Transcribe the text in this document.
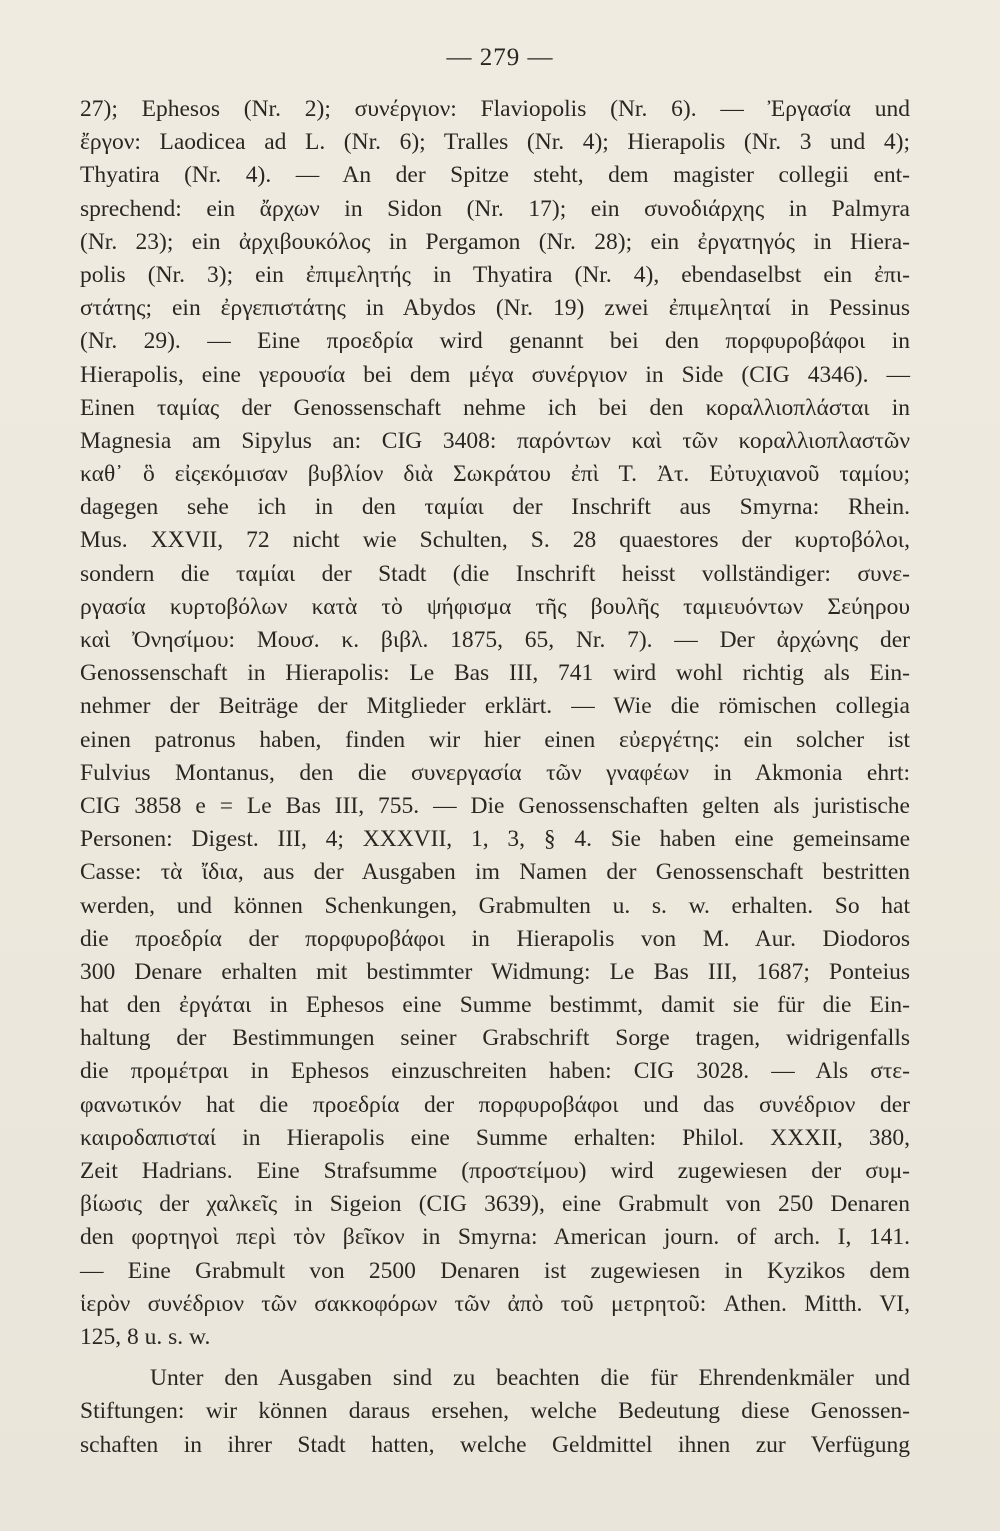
— 279 —
27); Ephesos (Nr. 2); συνέργιον: Flaviopolis (Nr. 6). — Ἐργασία und
ἔργον: Laodicea ad L. (Nr. 6); Tralles (Nr. 4); Hierapolis (Nr. 3 und 4);
Thyatira (Nr. 4). — An der Spitze steht, dem magister collegii ent-
sprechend: ein ἄρχων in Sidon (Nr. 17); ein συνοδιάρχης in Palmyra
(Nr. 23); ein ἀρχιβουκόλος in Pergamon (Nr. 28); ein ἐργατηγός in Hiera-
polis (Nr. 3); ein ἐπιμελητής in Thyatira (Nr. 4), ebendaselbst ein ἐπι-
στάτης; ein ἐργεπιστάτης in Abydos (Nr. 19) zwei ἐπιμεληταί in Pessinus
(Nr. 29). — Eine προεδρία wird genannt bei den πορφυροβάφοι in
Hierapolis, eine γερουσία bei dem μέγα συνέργιον in Side (CIG 4346). —
Einen ταμίας der Genossenschaft nehme ich bei den κοραλλιοπλάσται in
Magnesia am Sipylus an: CIG 3408: παρόντων καὶ τῶν κοραλλιοπλαστῶν
καθ᾽ ὃ εἰςεκόμισαν βυβλίον διὰ Σωκράτου ἐπὶ Τ. Ἀτ. Εὐτυχιανοῦ ταμίου;
dagegen sehe ich in den ταμίαι der Inschrift aus Smyrna: Rhein.
Mus. XXVII, 72 nicht wie Schulten, S. 28 quaestores der κυρτοβόλοι,
sondern die ταμίαι der Stadt (die Inschrift heisst vollständiger: συνε-
ργασία κυρτοβόλων κατὰ τὸ ψήφισμα τῆς βουλῆς ταμιευόντων Σεύηρου
καὶ Ὀνησίμου: Μουσ. κ. βιβλ. 1875, 65, Nr. 7). — Der ἀρχώνης der
Genossenschaft in Hierapolis: Le Bas III, 741 wird wohl richtig als Ein-
nehmer der Beiträge der Mitglieder erklärt. — Wie die römischen collegia
einen patronus haben, finden wir hier einen εὐεργέτης: ein solcher ist
Fulvius Montanus, den die συνεργασία τῶν γναφέων in Akmonia ehrt:
CIG 3858 e = Le Bas III, 755. — Die Genossenschaften gelten als juristische
Personen: Digest. III, 4; XXXVII, 1, 3, § 4. Sie haben eine gemeinsame
Casse: τὰ ἴδια, aus der Ausgaben im Namen der Genossenschaft bestritten
werden, und können Schenkungen, Grabmulten u. s. w. erhalten. So hat
die προεδρία der πορφυροβάφοι in Hierapolis von M. Aur. Diodoros
300 Denare erhalten mit bestimmter Widmung: Le Bas III, 1687; Ponteius
hat den ἐργάται in Ephesos eine Summe bestimmt, damit sie für die Ein-
haltung der Bestimmungen seiner Grabschrift Sorge tragen, widrigenfalls
die προμέτραι in Ephesos einzuschreiten haben: CIG 3028. — Als στε-
φανωτικόν hat die προεδρία der πορφυροβάφοι und das συνέδριον der
καιροδαπισταί in Hierapolis eine Summe erhalten: Philol. XXXII, 380,
Zeit Hadrians. Eine Strafsumme (προστείμου) wird zugewiesen der συμ-
βίωσις der χαλκεῖς in Sigeion (CIG 3639), eine Grabmult von 250 Denaren
den φορτηγοὶ περὶ τὸν βεῖκον in Smyrna: American journ. of arch. I, 141.
— Eine Grabmult von 2500 Denaren ist zugewiesen in Kyzikos dem
ἱερὸν συνέδριον τῶν σακκοφόρων τῶν ἀπὸ τοῦ μετρητοῦ: Athen. Mitth. VI,
125, 8 u. s. w.
Unter den Ausgaben sind zu beachten die für Ehrendenkmäler und
Stiftungen: wir können daraus ersehen, welche Bedeutung diese Genossen-
schaften in ihrer Stadt hatten, welche Geldmittel ihnen zur Verfügung
